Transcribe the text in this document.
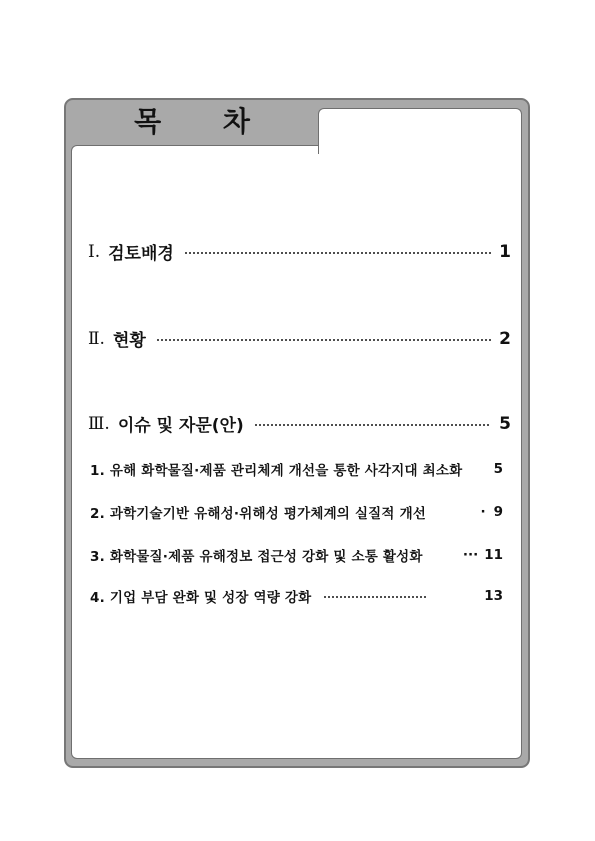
목 차
Ⅰ. 검토배경	1
Ⅱ. 현황	2
Ⅲ. 이슈 및 자문(안)	5
1. 유해 화학물질·제품 관리체계 개선을 통한 사각지대 최소화 5
2. 과학기술기반 유해성·위해성 평가체계의 실질적 개선	· 9
3. 화학물질·제품 유해정보 접근성 강화 및 소통 활성화	··· 11
4. 기업 부담 완화 및 성장 역량 강화	13
